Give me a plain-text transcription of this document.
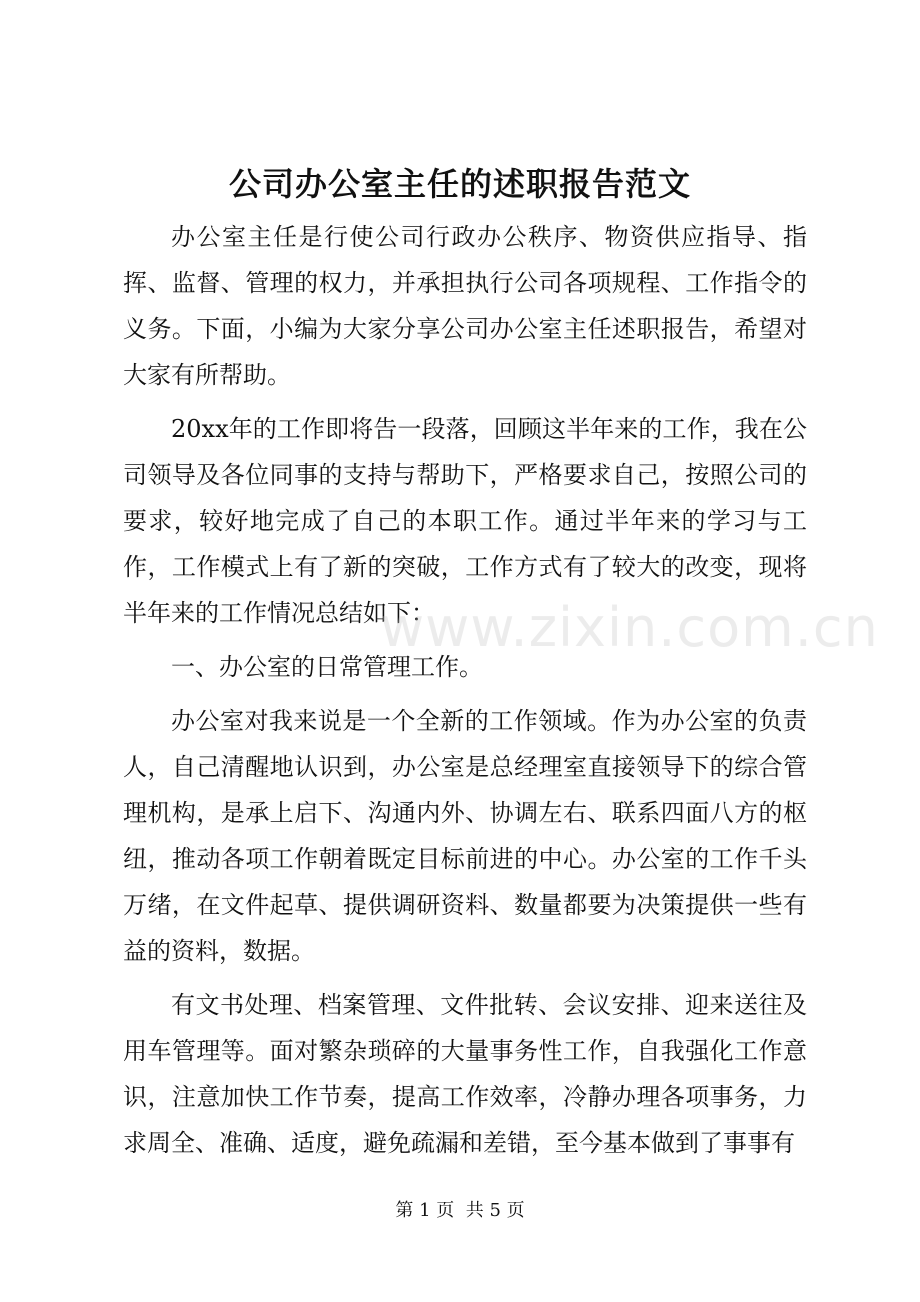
公司办公室主任的述职报告范文

办公室主任是行使公司行政办公秩序、物资供应指导、指挥、监督、管理的权力，并承担执行公司各项规程、工作指令的义务。下面，小编为大家分享公司办公室主任述职报告，希望对大家有所帮助。

20xx年的工作即将告一段落，回顾这半年来的工作，我在公司领导及各位同事的支持与帮助下，严格要求自己，按照公司的要求，较好地完成了自己的本职工作。通过半年来的学习与工作，工作模式上有了新的突破，工作方式有了较大的改变，现将半年来的工作情况总结如下：

一、办公室的日常管理工作。

办公室对我来说是一个全新的工作领域。作为办公室的负责人，自己清醒地认识到，办公室是总经理室直接领导下的综合管理机构，是承上启下、沟通内外、协调左右、联系四面八方的枢纽，推动各项工作朝着既定目标前进的中心。办公室的工作千头万绪，在文件起草、提供调研资料、数量都要为决策提供一些有益的资料，数据。

有文书处理、档案管理、文件批转、会议安排、迎来送往及用车管理等。面对繁杂琐碎的大量事务性工作，自我强化工作意识，注意加快工作节奏，提高工作效率，冷静办理各项事务，力求周全、准确、适度，避免疏漏和差错，至今基本做到了事事有

www.zixin.com.cn
第 1 页 共 5 页
